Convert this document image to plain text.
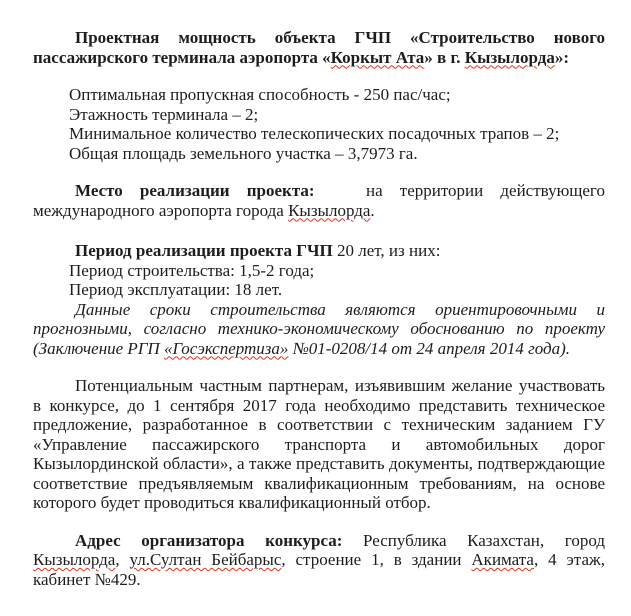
Проектная мощность объекта ГЧП «Строительство нового пассажирского терминала аэропорта «Коркыт Ата» в г. Кызылорда»:

Оптимальная пропускная способность - 250 пас/час;
Этажность терминала – 2;
Минимальное количество телескопических посадочных трапов – 2;
Общая площадь земельного участка – 3,7973 га.

Место реализации проекта:   на территории действующего международного аэропорта города Кызылорда.

Период реализации проекта ГЧП 20 лет, из них:
Период строительства: 1,5-2 года;
Период эксплуатации: 18 лет.

Данные сроки строительства являются ориентировочными и прогнозными, согласно технико-экономическому обоснованию по проекту (Заключение РГП «Госэкспертиза» №01-0208/14 от 24 апреля 2014 года).

Потенциальным частным партнерам, изъявившим желание участвовать в конкурсе, до 1 сентября 2017 года необходимо представить техническое предложение, разработанное в соответствии с техническим заданием ГУ «Управление пассажирского транспорта и автомобильных дорог Кызылординской области», а также представить документы, подтверждающие соответствие предъявляемым квалификационным требованиям, на основе которого будет проводиться квалификационный отбор.

Адрес организатора конкурса: Республика Казахстан, город Кызылорда, ул.Султан Бейбарыс, строение 1, в здании Акимата, 4 этаж, кабинет №429.
